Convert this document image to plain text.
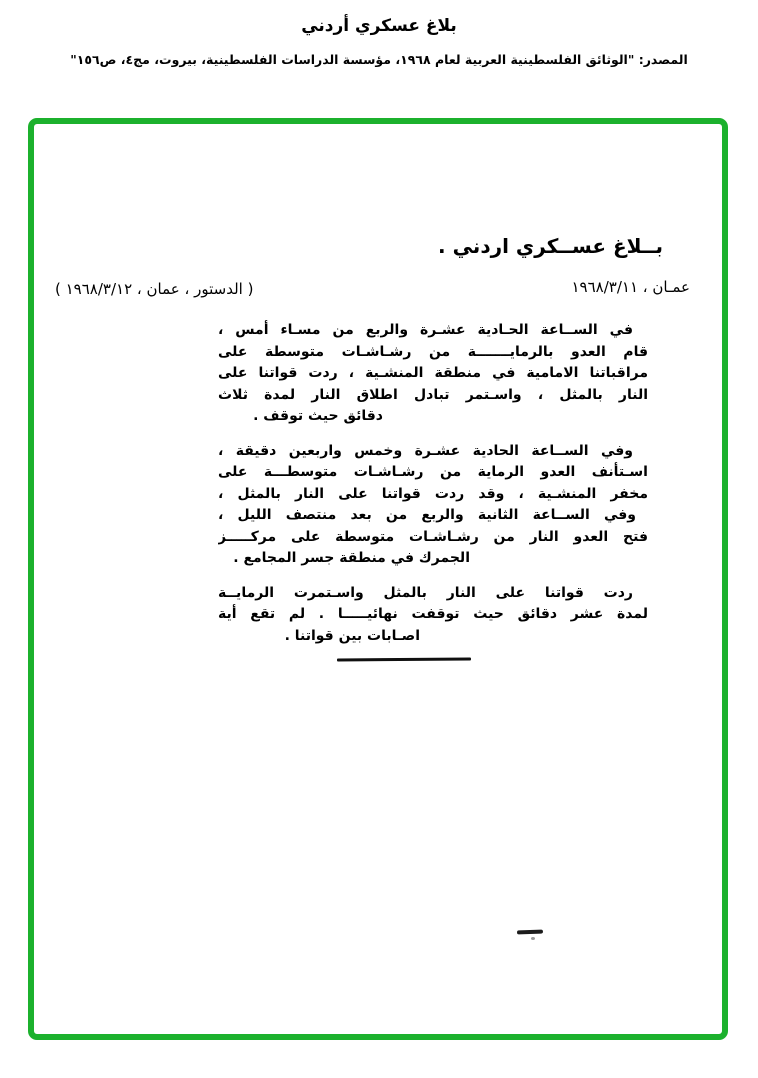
بلاغ عسكري أردني
المصدر: "الوثائق الفلسطينية العربية لعام ١٩٦٨، مؤسسة الدراسات الفلسطينية، بيروت، مج٤، ص١٥٦"
بــلاغ عســكري اردني .
عمـان ، ١٩٦٨/٣/١١
( الدستور ، عمان ، ١٩٦٨/٣/١٢ )
في الســاعة الحـادية عشـرة والربع من مسـاء أمس ،
قام العدو بالرمايـــــــة من رشـاشـات متوسطة على
مراقباتنا الامامية في منطقة المنشـية ، ردت قواتنا على
النار بالمثل ، واسـتمر تبادل اطلاق النار لمدة ثلاث
دقائق حيث توقف .
وفي الســاعة الحادية عشـرة وخمس واربعين دقيقة ،
اسـتأنف العدو الرماية من رشـاشـات متوسطـــة على
مخفر المنشـية ، وقد ردت قواتنا على النار بالمثل ،
وفي الســاعة الثانية والربع من بعد منتصف الليل ،
فتح العدو النار من رشـاشـات متوسطة على مركـــــز
الجمرك في منطقة جسر المجامع .
ردت قواتنا على النار بالمثل واسـتمرت الرمايــة
لمدة عشر دقائق حيث توقفت نهائيـــــا . لم تقع أية
اصـابات بين قواتنا .
